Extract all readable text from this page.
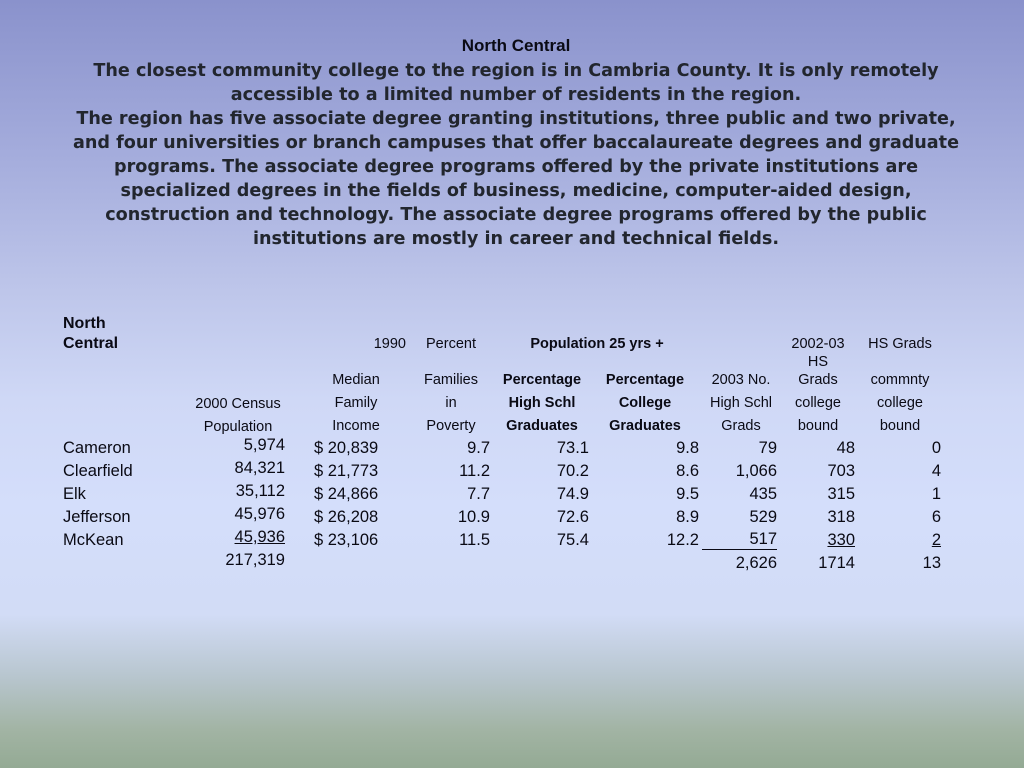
North Central

The closest community college to the region is in Cambria County. It is only remotely accessible to a limited number of residents in the region.

The region has five associate degree granting institutions, three public and two private, and four universities or branch campuses that offer baccalaureate degrees and graduate programs. The associate degree programs offered by the private institutions are specialized degrees in the fields of business, medicine, computer-aided design, construction and technology. The associate degree programs offered by the public institutions are mostly in career and technical fields.

North
Central
2000 Census
Population
1990
Median
Family
Income
Percent
Families
in
Poverty
Population 25 yrs +
Percentage
High Schl
Graduates
Percentage
College
Graduates
2003 No.
High Schl
Grads
2002-03
HS
Grads
college
bound
HS Grads
commnty
college
bound
Cameron
Clearfield
Elk
Jefferson
McKean
5,974
84,321
35,112
45,976
45,936
217,319
$ 20,839
$ 21,773
$ 24,866
$ 26,208
$ 23,106
9.7
11.2
7.7
10.9
11.5
73.1
70.2
74.9
72.6
75.4
9.8
8.6
9.5
8.9
12.2
79
1,066
435
529
517
2,626
48
703
315
318
330
1714
0
4
1
6
2
13
